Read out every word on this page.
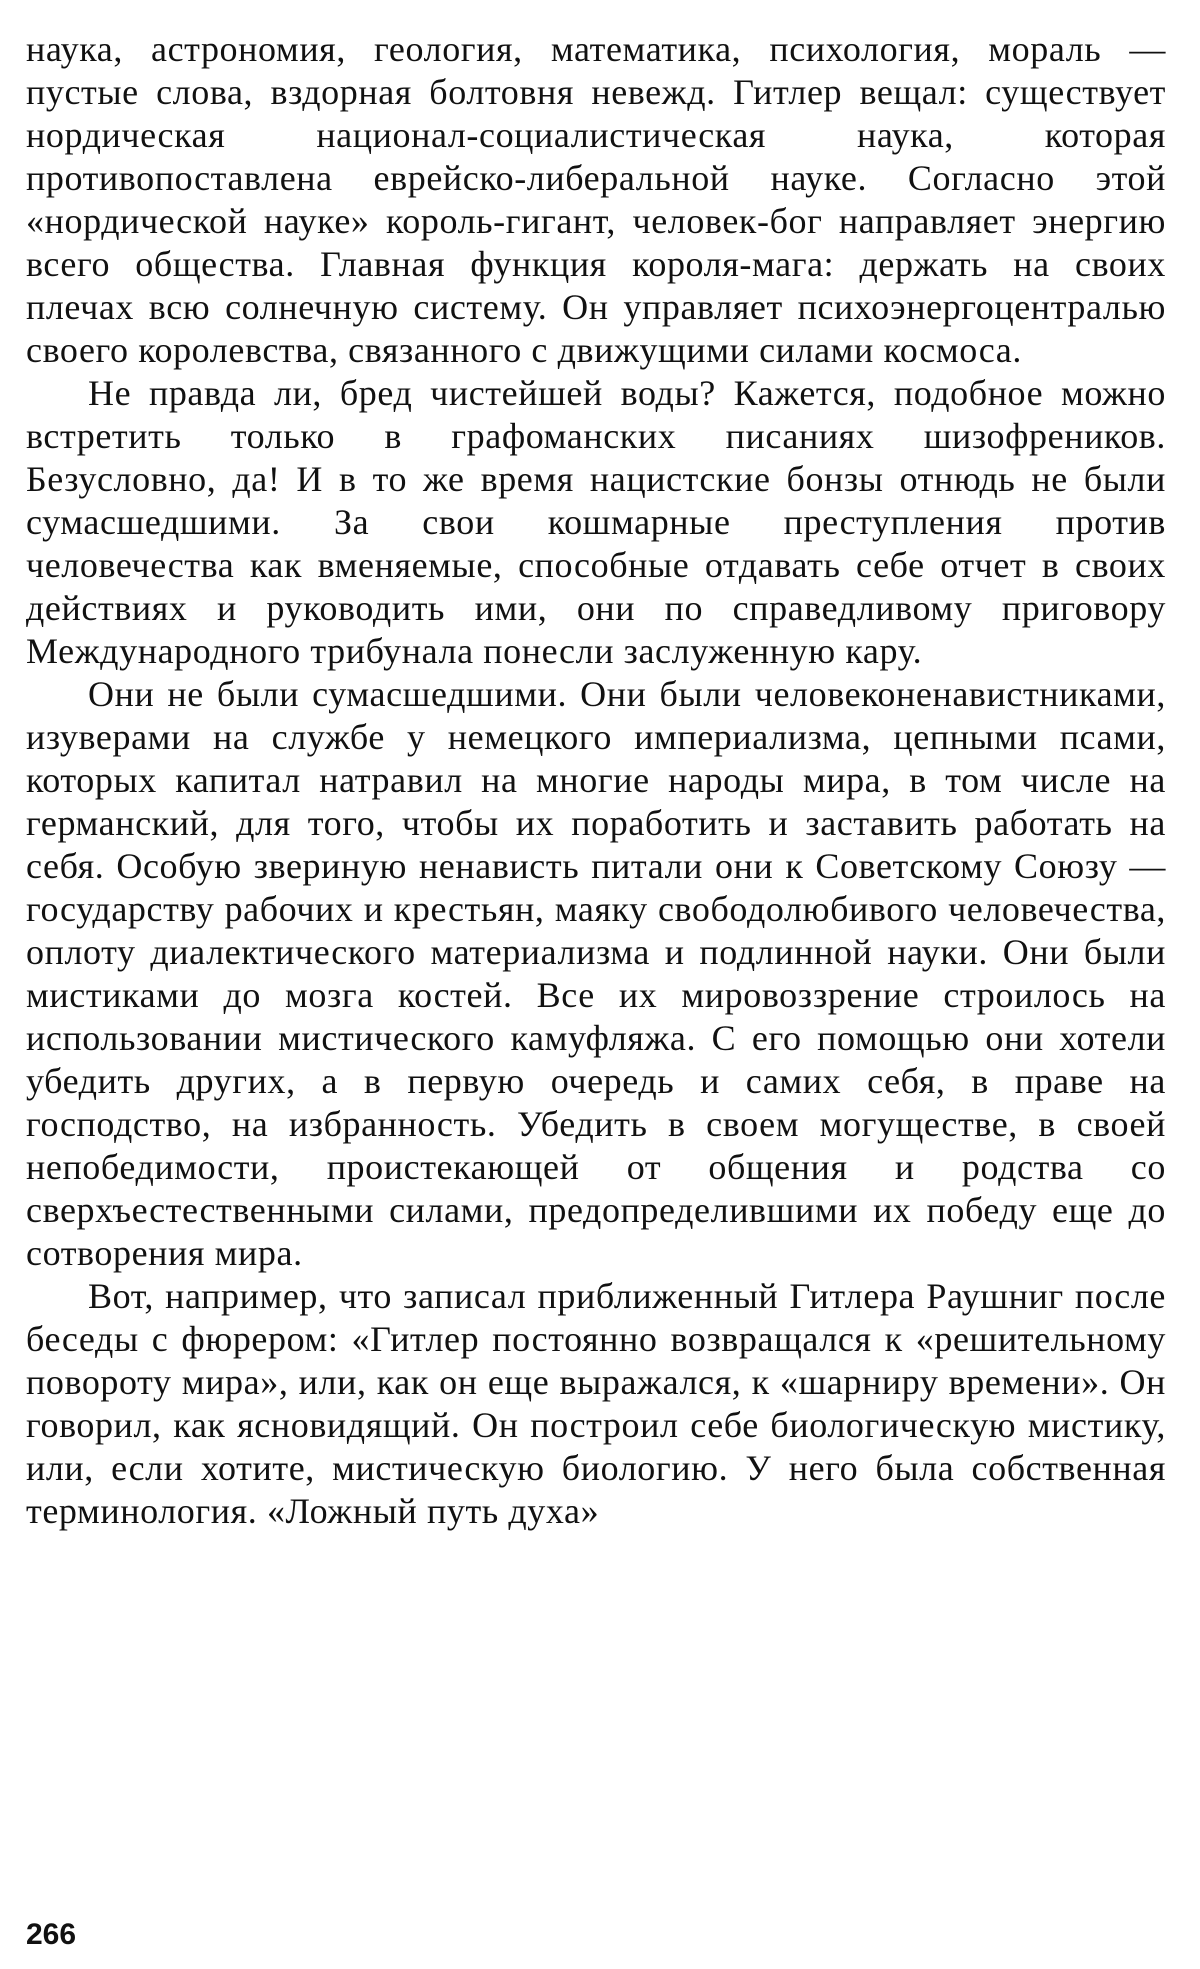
наука, астрономия, геология, математика, психология, мораль — пустые слова, вздорная болтовня невежд. Гитлер вещал: существует нордическая национал-социалистическая наука, которая противопоставлена еврейско-либеральной науке. Согласно этой «нордической науке» король-гигант, человек-бог направляет энергию всего общества. Главная функция короля-мага: держать на своих плечах всю солнечную систему. Он управляет психоэнергоцентралью своего королевства, связанного с движущими силами космоса.

Не правда ли, бред чистейшей воды? Кажется, подобное можно встретить только в графоманских писаниях шизофреников. Безусловно, да! И в то же время нацистские бонзы отнюдь не были сумасшедшими. За свои кошмарные преступления против человечества как вменяемые, способные отдавать себе отчет в своих действиях и руководить ими, они по справедливому приговору Международного трибунала понесли заслуженную кару.

Они не были сумасшедшими. Они были человеконенавистниками, изуверами на службе у немецкого империализма, цепными псами, которых капитал натравил на многие народы мира, в том числе на германский, для того, чтобы их поработить и заставить работать на себя. Особую звериную ненависть питали они к Советскому Союзу — государству рабочих и крестьян, маяку свободолюбивого человечества, оплоту диалектического материализма и подлинной науки. Они были мистиками до мозга костей. Все их мировоззрение строилось на использовании мистического камуфляжа. С его помощью они хотели убедить других, а в первую очередь и самих себя, в праве на господство, на избранность. Убедить в своем могуществе, в своей непобедимости, проистекающей от общения и родства со сверхъестественными силами, предопределившими их победу еще до сотворения мира.

Вот, например, что записал приближенный Гитлера Раушниг после беседы с фюрером: «Гитлер постоянно возвращался к «решительному повороту мира», или, как он еще выражался, к «шарниру времени». Он говорил, как ясновидящий. Он построил себе биологическую мистику, или, если хотите, мистическую биологию. У него была собственная терминология. «Ложный путь духа»

266
